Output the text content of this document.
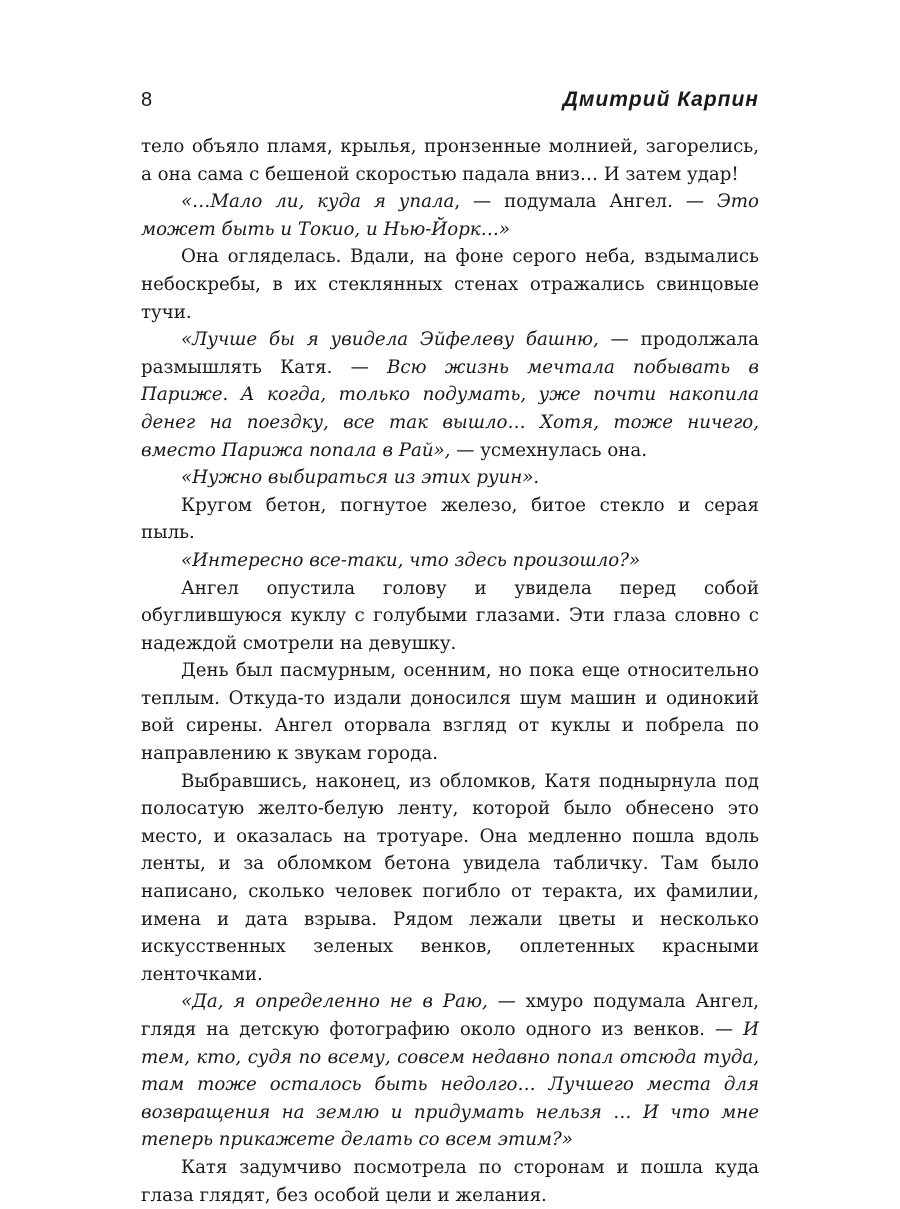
8	Дмитрий Карпин

тело объяло пламя, крылья, пронзенные молнией, загорелись, а она сама с бешеной скоростью падала вниз… И затем удар!

«…Мало ли, куда я упала, — подумала Ангел. — Это может быть и Токио, и Нью-Йорк…»

Она огляделась. Вдали, на фоне серого неба, вздымались небоскребы, в их стеклянных стенах отражались свинцовые тучи.

«Лучше бы я увидела Эйфелеву башню, — продолжала размышлять Катя. — Всю жизнь мечтала побывать в Париже. А когда, только подумать, уже почти накопила денег на поездку, все так вышло… Хотя, тоже ничего, вместо Парижа попала в Рай», — усмехнулась она.

«Нужно выбираться из этих руин».

Кругом бетон, погнутое железо, битое стекло и серая пыль.

«Интересно все-таки, что здесь произошло?»

Ангел опустила голову и увидела перед собой обуглившуюся куклу с голубыми глазами. Эти глаза словно с надеждой смотрели на девушку.

День был пасмурным, осенним, но пока еще относительно теплым. Откуда-то издали доносился шум машин и одинокий вой сирены. Ангел оторвала взгляд от куклы и побрела по направлению к звукам города.

Выбравшись, наконец, из обломков, Катя поднырнула под полосатую желто-белую ленту, которой было обнесено это место, и оказалась на тротуаре. Она медленно пошла вдоль ленты, и за обломком бетона увидела табличку. Там было написано, сколько человек погибло от теракта, их фамилии, имена и дата взрыва. Рядом лежали цветы и несколько искусственных зеленых венков, оплетенных красными ленточками.

«Да, я определенно не в Раю, — хмуро подумала Ангел, глядя на детскую фотографию около одного из венков. — И тем, кто, судя по всему, совсем недавно попал отсюда туда, там тоже осталось быть недолго… Лучшего места для возвращения на землю и придумать нельзя … И что мне теперь прикажете делать со всем этим?»

Катя задумчиво посмотрела по сторонам и пошла куда глаза глядят, без особой цели и желания.
